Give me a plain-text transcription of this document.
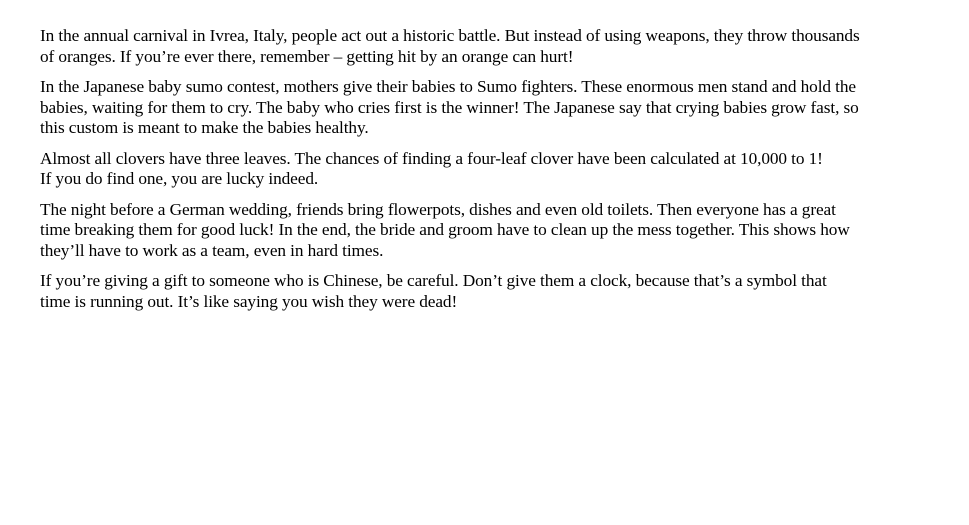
In the annual carnival in Ivrea, Italy, people act out a historic battle. But instead of using weapons, they throw thousands
of oranges. If you’re ever there, remember – getting hit by an orange can hurt!

In the Japanese baby sumo contest, mothers give their babies to Sumo fighters. These enormous men stand and hold the
babies, waiting for them to cry. The baby who cries first is the winner! The Japanese say that crying babies grow fast, so
this custom is meant to make the babies healthy.

Almost all clovers have three leaves. The chances of finding a four-leaf clover have been calculated at 10,000 to 1!
If you do find one, you are lucky indeed.

The night before a German wedding, friends bring flowerpots, dishes and even old toilets. Then everyone has a great
time breaking them for good luck! In the end, the bride and groom have to clean up the mess together. This shows how
they’ll have to work as a team, even in hard times.

If you’re giving a gift to someone who is Chinese, be careful. Don’t give them a clock, because that’s a symbol that
time is running out. It’s like saying you wish they were dead!
